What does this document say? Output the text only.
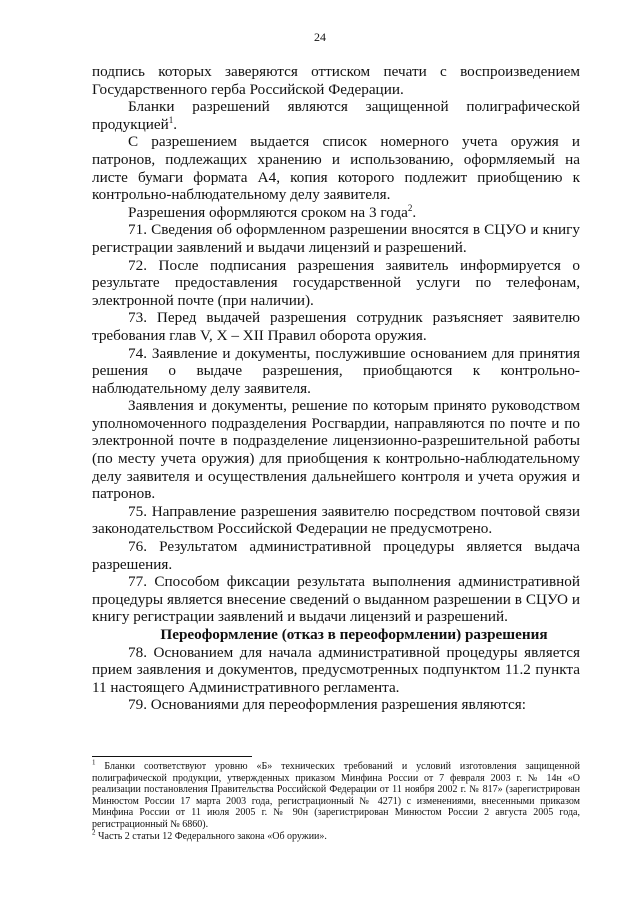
24

подпись которых заверяются оттиском печати с воспроизведением Государственного герба Российской Федерации.

Бланки разрешений являются защищенной полиграфической продукцией$^1$.

С разрешением выдается список номерного учета оружия и патронов, подлежащих хранению и использованию, оформляемый на листе бумаги формата А4, копия которого подлежит приобщению к контрольно-наблюдательному делу заявителя.

Разрешения оформляются сроком на 3 года$^2$.

71. Сведения об оформленном разрешении вносятся в СЦУО и книгу регистрации заявлений и выдачи лицензий и разрешений.

72. После подписания разрешения заявитель информируется о результате предоставления государственной услуги по телефонам, электронной почте (при наличии).

73. Перед выдачей разрешения сотрудник разъясняет заявителю требования глав V, X – XII Правил оборота оружия.

74. Заявление и документы, послужившие основанием для принятия решения о выдаче разрешения, приобщаются к контрольно-наблюдательному делу заявителя.

Заявления и документы, решение по которым принято руководством уполномоченного подразделения Росгвардии, направляются по почте и по электронной почте в подразделение лицензионно-разрешительной работы (по месту учета оружия) для приобщения к контрольно-наблюдательному делу заявителя и осуществления дальнейшего контроля и учета оружия и патронов.

75. Направление разрешения заявителю посредством почтовой связи законодательством Российской Федерации не предусмотрено.

76. Результатом административной процедуры является выдача разрешения.

77. Способом фиксации результата выполнения административной процедуры является внесение сведений о выданном разрешении в СЦУО и книгу регистрации заявлений и выдачи лицензий и разрешений.

Переоформление (отказ в переоформлении) разрешения

78. Основанием для начала административной процедуры является прием заявления и документов, предусмотренных подпунктом 11.2 пункта 11 настоящего Административного регламента.

79. Основаниями для переоформления разрешения являются:

$^1$ Бланки соответствуют уровню «Б» технических требований и условий изготовления защищенной полиграфической продукции, утвержденных приказом Минфина России от 7 февраля 2003 г. № 14н «О реализации постановления Правительства Российской Федерации от 11 ноября 2002 г. № 817» (зарегистрирован Минюстом России 17 марта 2003 года, регистрационный № 4271) с изменениями, внесенными приказом Минфина России от 11 июля 2005 г. № 90н (зарегистрирован Минюстом России 2 августа 2005 года, регистрационный № 6860).

$^2$ Часть 2 статьи 12 Федерального закона «Об оружии».
